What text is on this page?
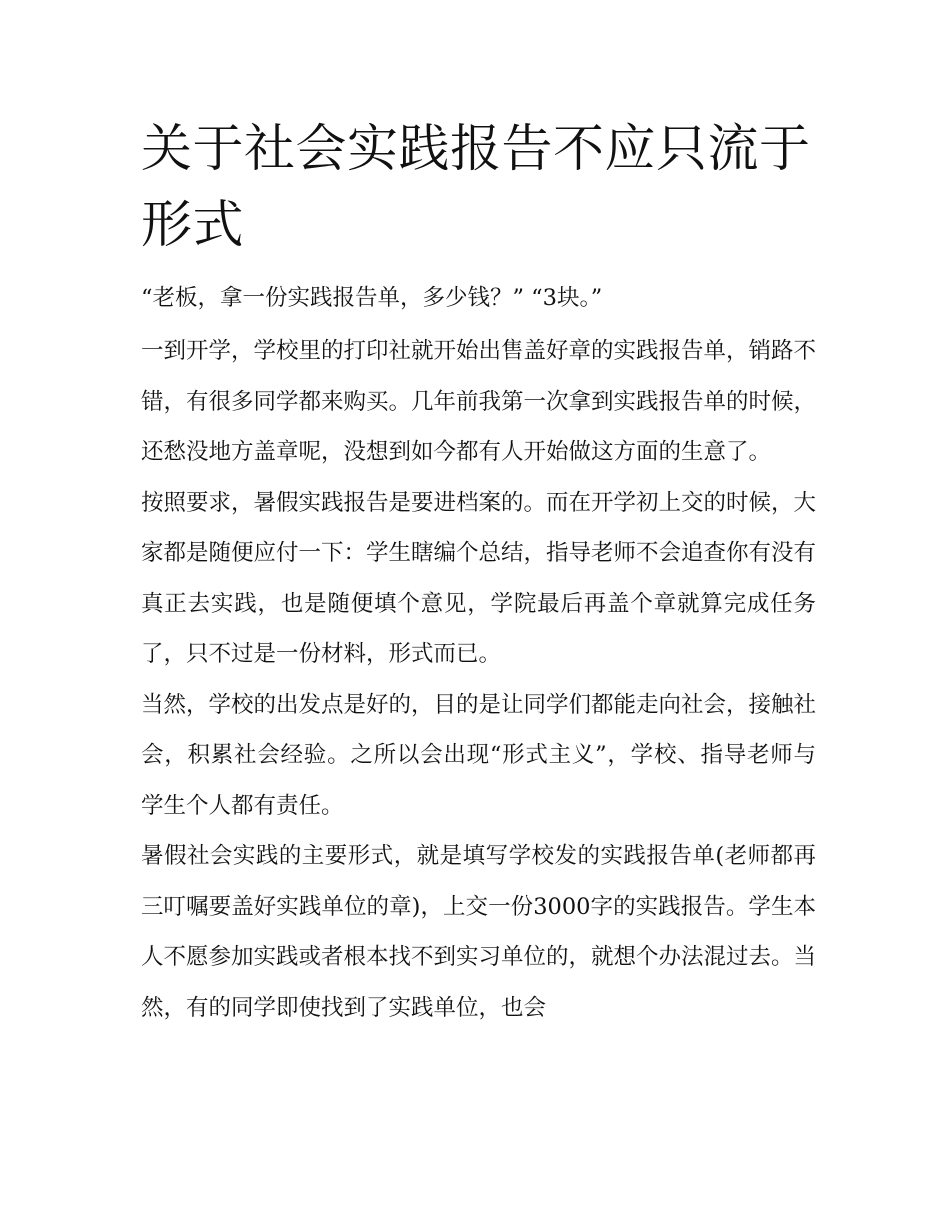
关于社会实践报告不应只流于形式

“老板，拿一份实践报告单，多少钱？” “3块。”

一到开学，学校里的打印社就开始出售盖好章的实践报告单，销路不错，有很多同学都来购买。几年前我第一次拿到实践报告单的时候，还愁没地方盖章呢，没想到如今都有人开始做这方面的生意了。

按照要求，暑假实践报告是要进档案的。而在开学初上交的时候，大家都是随便应付一下：学生瞎编个总结，指导老师不会追查你有没有真正去实践，也是随便填个意见，学院最后再盖个章就算完成任务了，只不过是一份材料，形式而已。

当然，学校的出发点是好的，目的是让同学们都能走向社会，接触社会，积累社会经验。之所以会出现“形式主义”，学校、指导老师与学生个人都有责任。

暑假社会实践的主要形式，就是填写学校发的实践报告单(老师都再三叮嘱要盖好实践单位的章)，上交一份3000字的实践报告。学生本人不愿参加实践或者根本找不到实习单位的，就想个办法混过去。当然，有的同学即使找到了实践单位，也会
